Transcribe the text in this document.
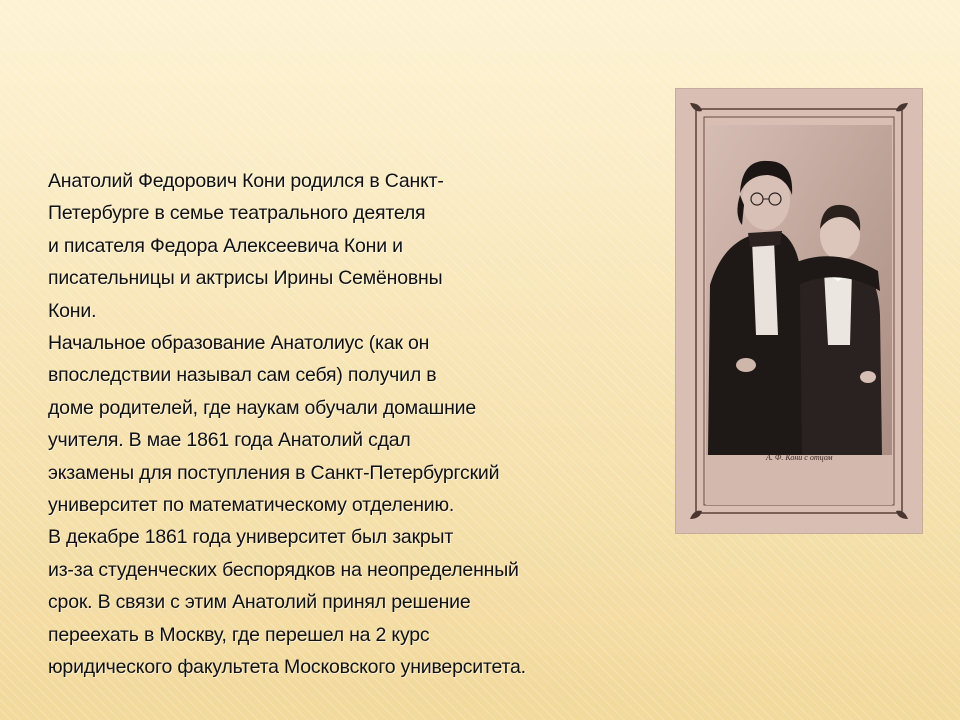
Анатолий Федорович Кони родился в Санкт-
Петербурге в семье театрального деятеля
и писателя Федора Алексеевича Кони и
писательницы и актрисы Ирины Семёновны
Кони.
Начальное образование Анатолиус (как он
впоследствии называл сам себя) получил в
доме родителей, где наукам обучали домашние
учителя. В мае 1861 года Анатолий сдал
экзамены для поступления в Санкт-Петербургский
университет по математическому отделению.
В декабре 1861 года университет был закрыт
из-за студенческих беспорядков на неопределенный
срок. В связи с этим Анатолий принял решение
переехать в Москву, где перешел на 2 курс
юридического факультета Московского университета.
А. Ф. Кони с отцом
